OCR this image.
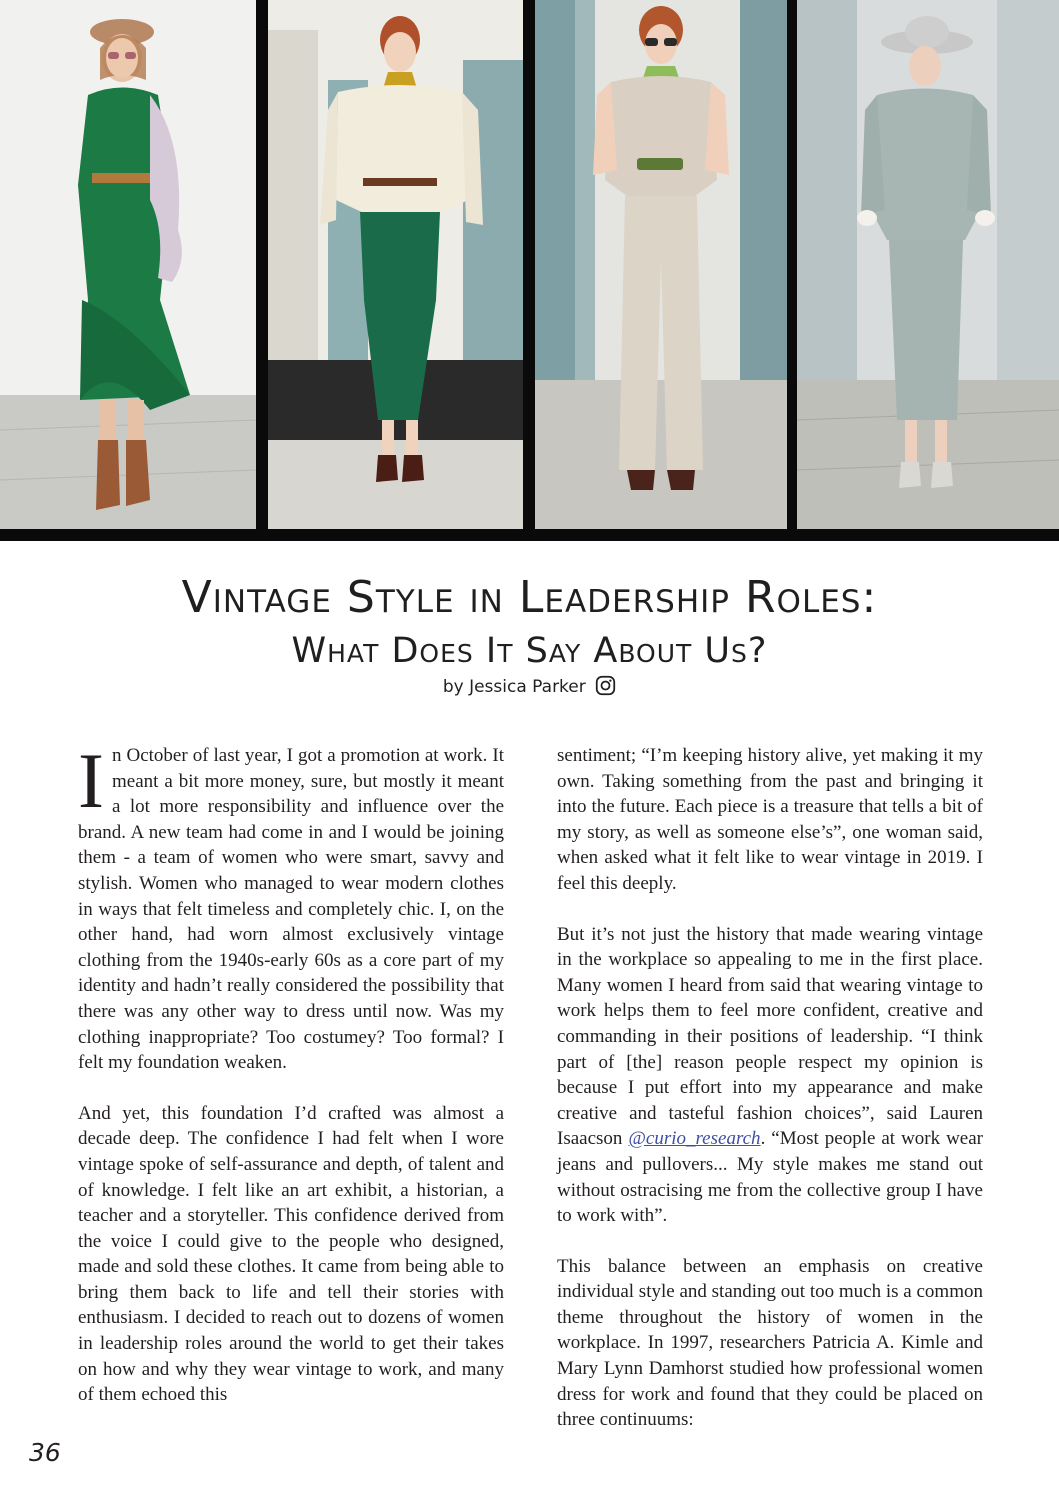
Vintage Style in Leadership Roles:
What Does It Say About Us?
by Jessica Parker

In October of last year, I got a promotion at work. It meant a bit more money, sure, but mostly it meant a lot more responsibility and influence over the brand. A new team had come in and I would be joining them - a team of women who were smart, savvy and stylish. Women who managed to wear modern clothes in ways that felt timeless and completely chic. I, on the other hand, had worn almost exclusively vintage clothing from the 1940s-early 60s as a core part of my identity and hadn’t really considered the possibility that there was any other way to dress until now. Was my clothing inappropriate? Too costumey? Too formal? I felt my foundation weaken.

And yet, this foundation I’d crafted was almost a decade deep. The confidence I had felt when I wore vintage spoke of self-assurance and depth, of talent and of knowledge. I felt like an art exhibit, a historian, a teacher and a storyteller. This confidence derived from the voice I could give to the people who designed, made and sold these clothes. It came from being able to bring them back to life and tell their stories with enthusiasm. I decided to reach out to dozens of women in leadership roles around the world to get their takes on how and why they wear vintage to work, and many of them echoed this

sentiment; “I’m keeping history alive, yet making it my own. Taking something from the past and bringing it into the future. Each piece is a treasure that tells a bit of my story, as well as someone else’s”, one woman said, when asked what it felt like to wear vintage in 2019. I feel this deeply.

But it’s not just the history that made wearing vintage in the workplace so appealing to me in the first place. Many women I heard from said that wearing vintage to work helps them to feel more confident, creative and commanding in their positions of leadership. “I think part of [the] reason people respect my opinion is because I put effort into my appearance and make creative and tasteful fashion choices”, said Lauren Isaacson @curio_research. “Most people at work wear jeans and pullovers... My style makes me stand out without ostracising me from the collective group I have to work with”.

This balance between an emphasis on creative individual style and standing out too much is a common theme throughout the history of women in the workplace. In 1997, researchers Patricia A. Kimle and Mary Lynn Damhorst studied how professional women dress for work and found that they could be placed on three continuums:

36
